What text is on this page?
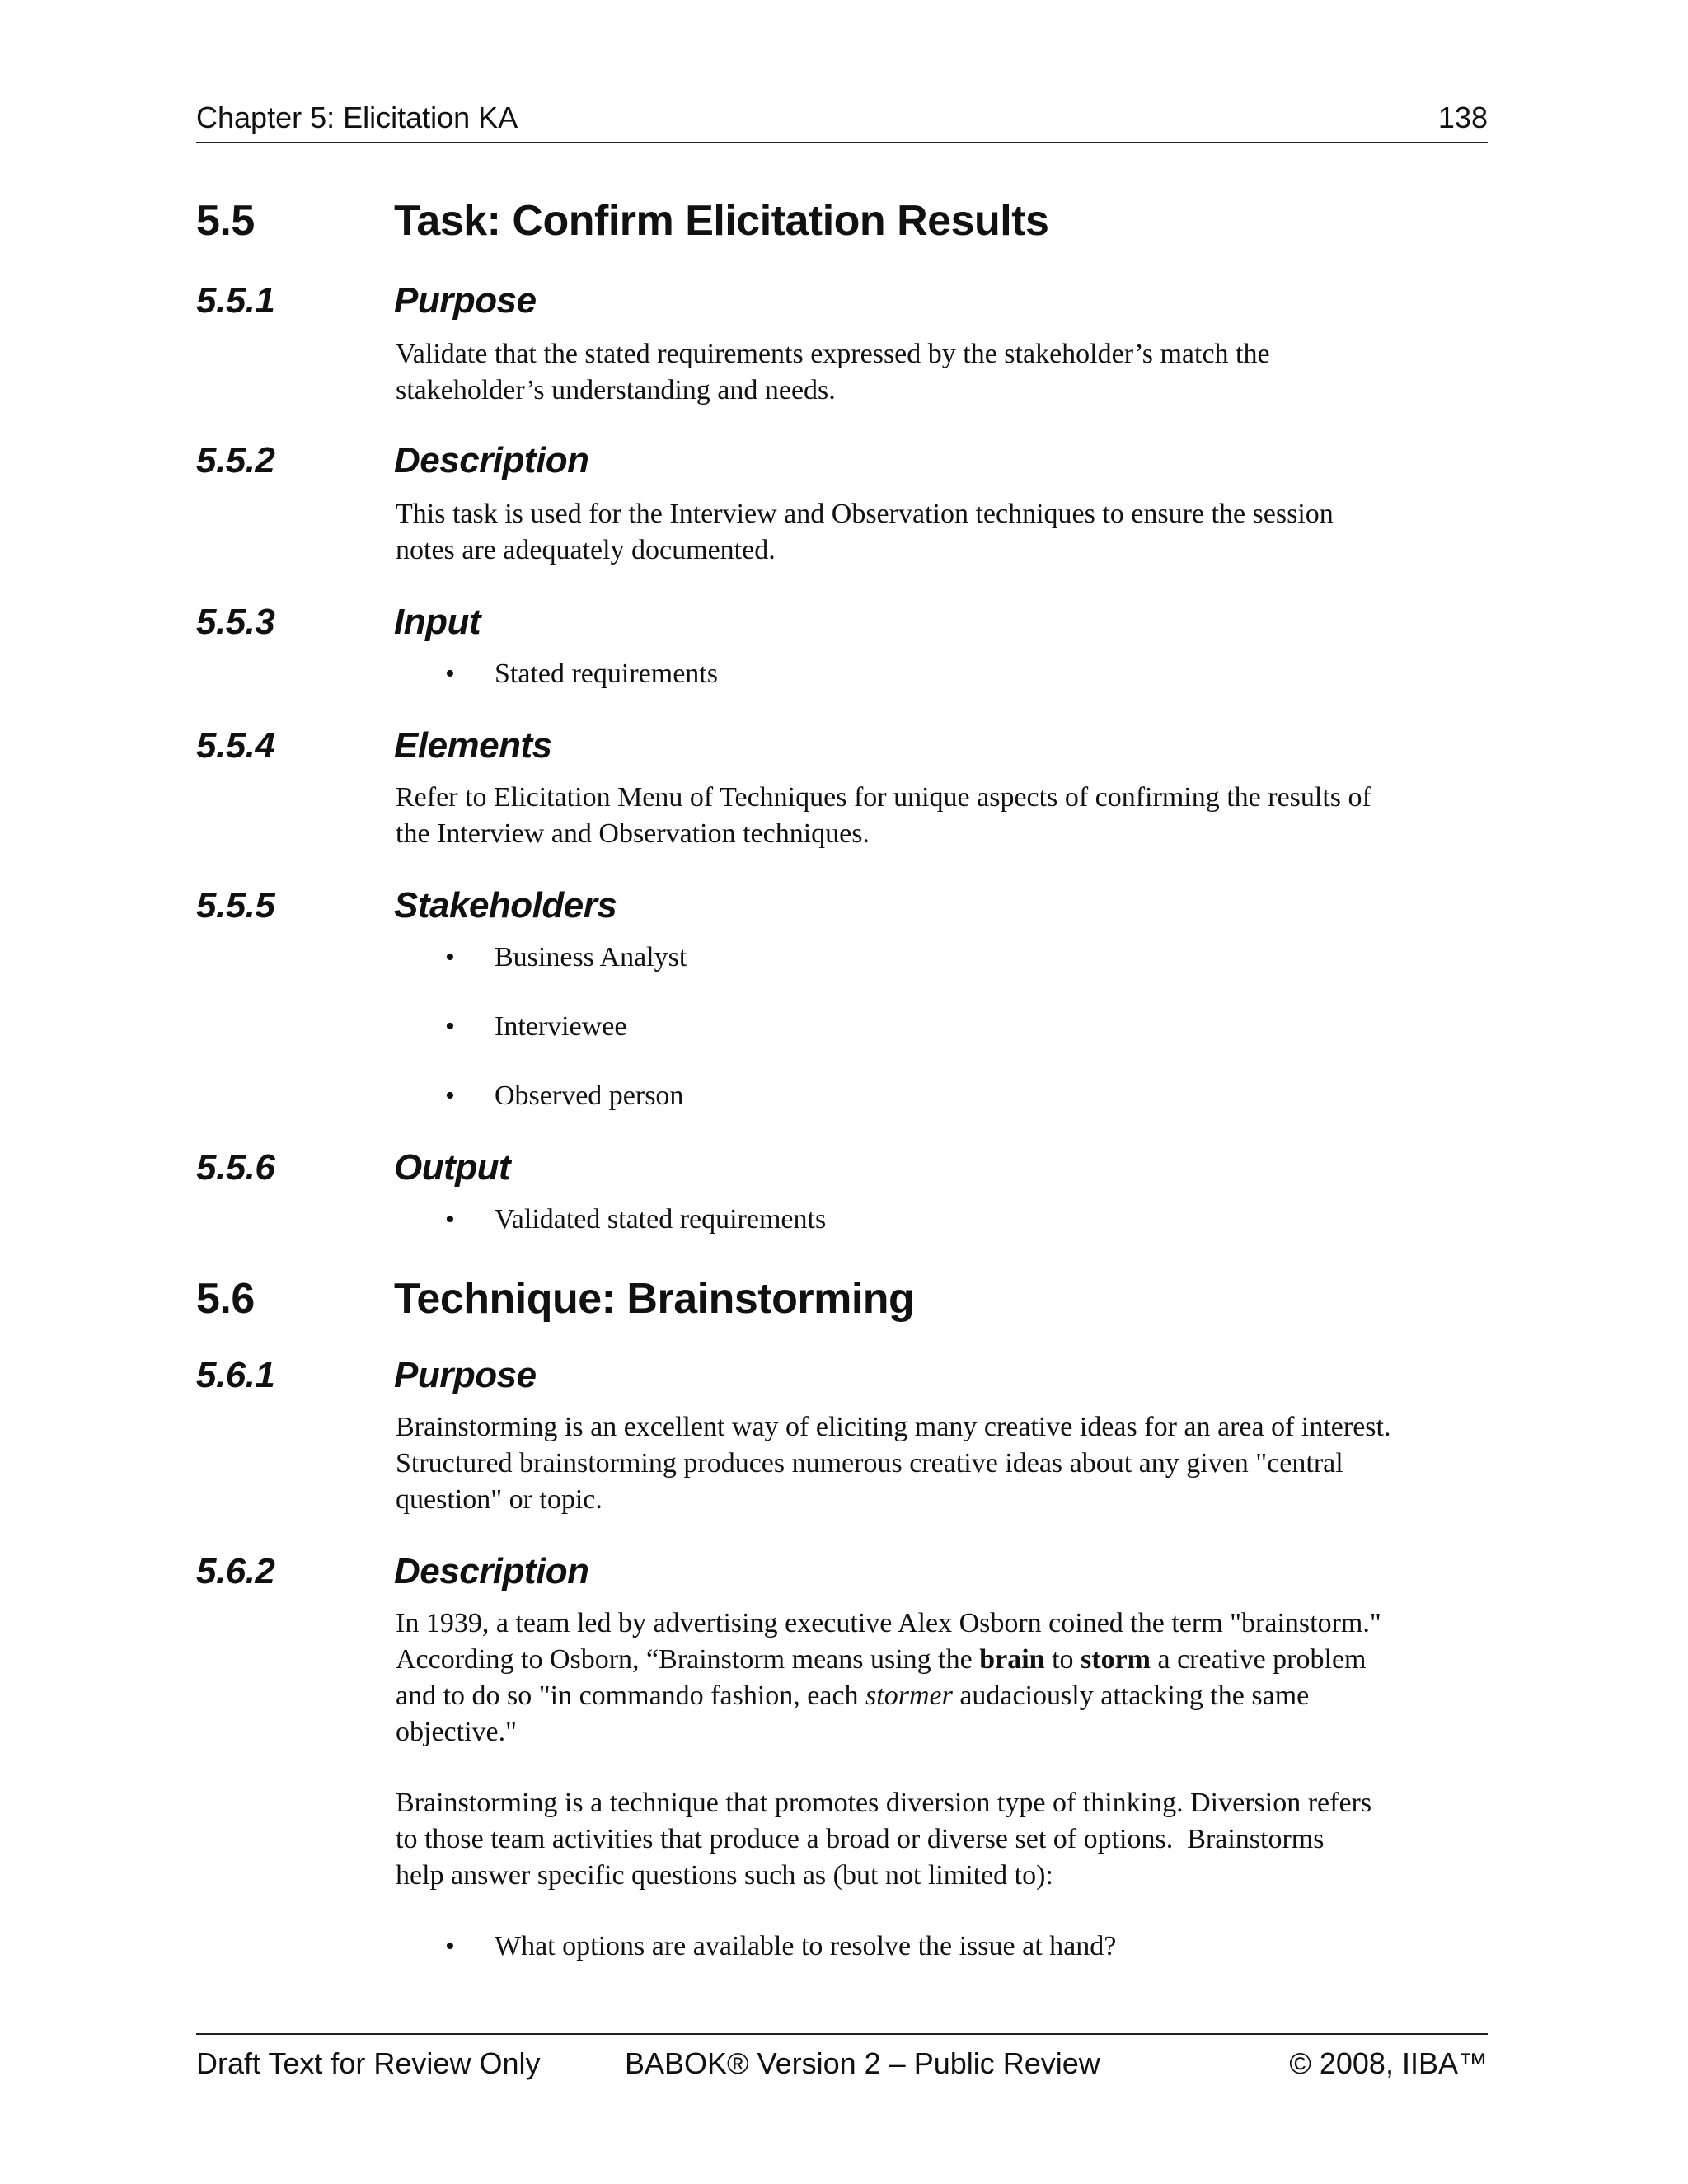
Chapter 5: Elicitation KA	138
5.5	Task: Confirm Elicitation Results
5.5.1	Purpose
Validate that the stated requirements expressed by the stakeholder’s match the
stakeholder’s understanding and needs.
5.5.2	Description
This task is used for the Interview and Observation techniques to ensure the session
notes are adequately documented.
5.5.3	Input
• Stated requirements
5.5.4	Elements
Refer to Elicitation Menu of Techniques for unique aspects of confirming the results of
the Interview and Observation techniques.
5.5.5	Stakeholders
• Business Analyst
• Interviewee
• Observed person
5.5.6	Output
• Validated stated requirements
5.6	Technique: Brainstorming
5.6.1	Purpose
Brainstorming is an excellent way of eliciting many creative ideas for an area of interest.
Structured brainstorming produces numerous creative ideas about any given "central
question" or topic.
5.6.2	Description
In 1939, a team led by advertising executive Alex Osborn coined the term "brainstorm."
According to Osborn, “Brainstorm means using the brain to storm a creative problem
and to do so "in commando fashion, each stormer audaciously attacking the same
objective."
Brainstorming is a technique that promotes diversion type of thinking. Diversion refers
to those team activities that produce a broad or diverse set of options.  Brainstorms
help answer specific questions such as (but not limited to):
• What options are available to resolve the issue at hand?
Draft Text for Review Only	BABOK® Version 2 – Public Review	© 2008, IIBA™
